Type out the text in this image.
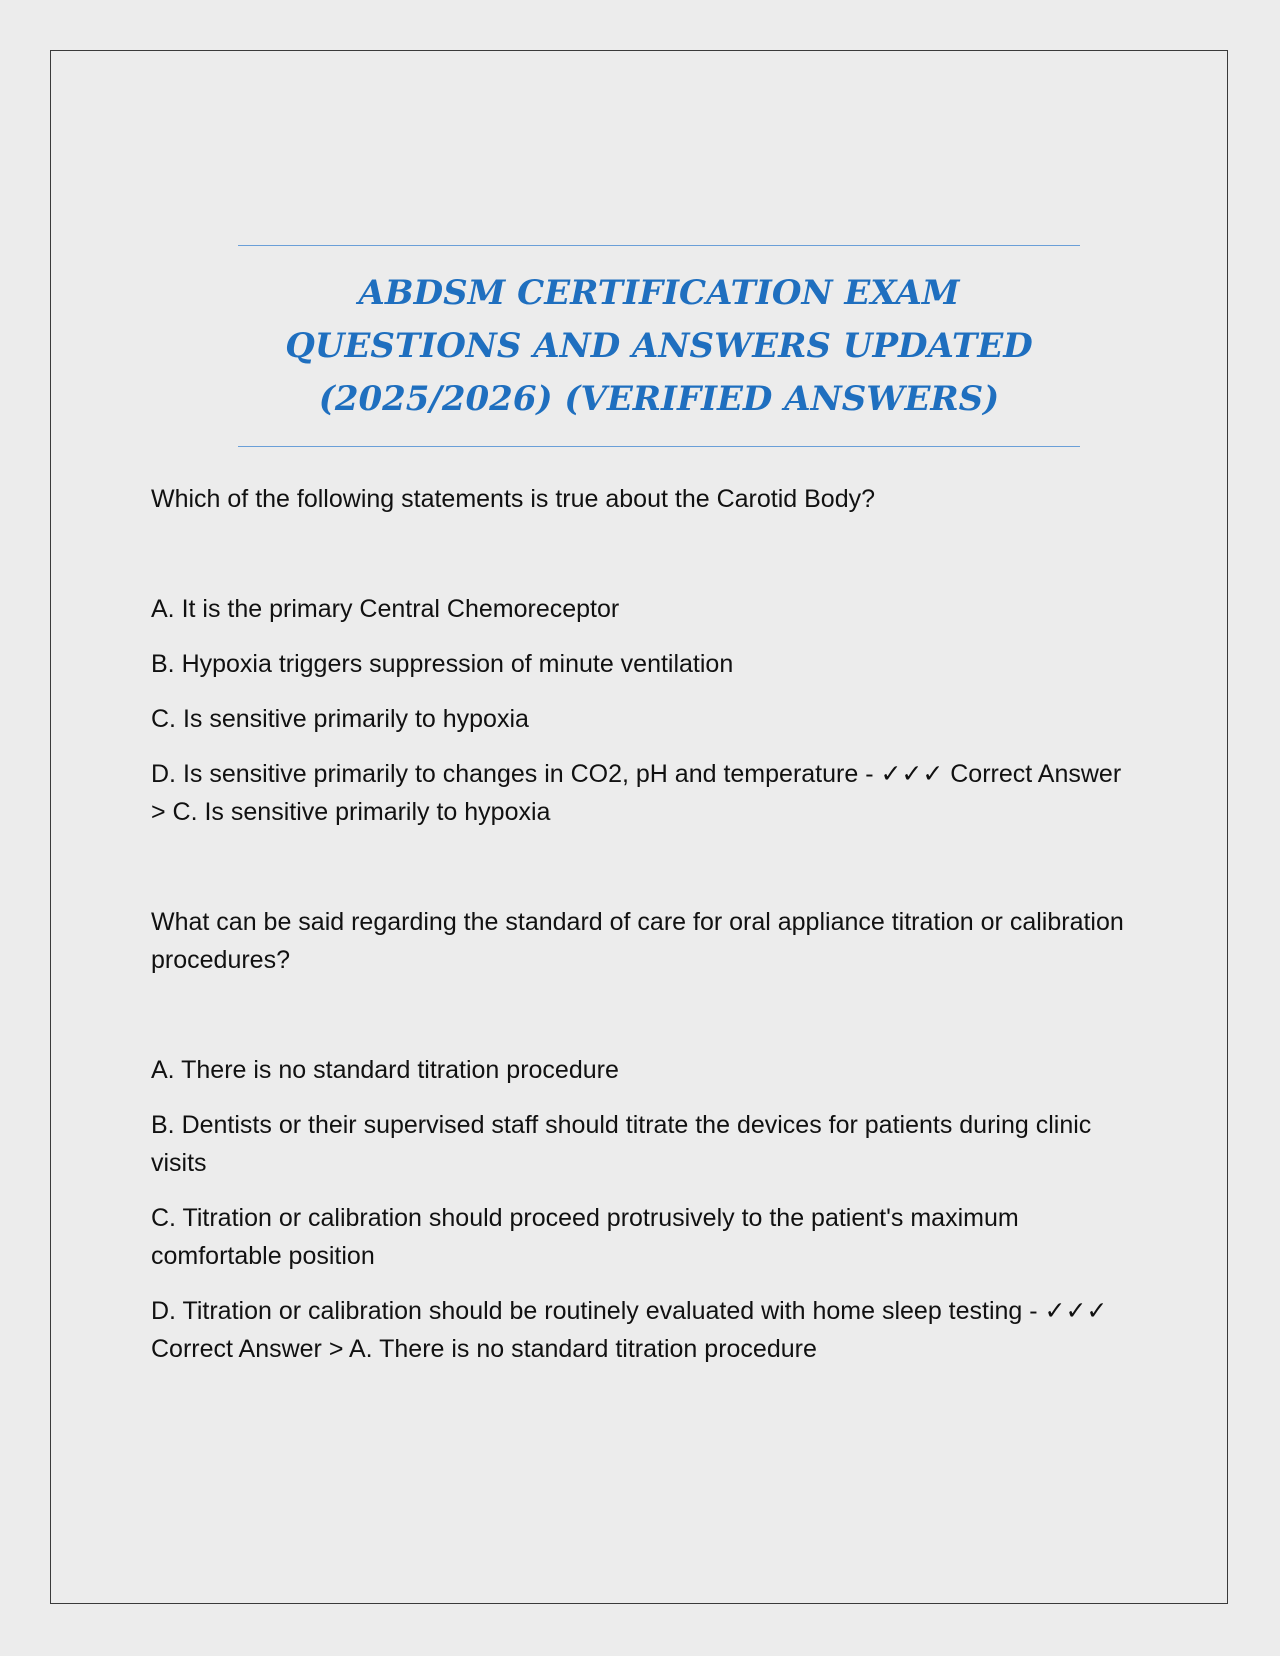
ABDSM CERTIFICATION EXAM QUESTIONS AND ANSWERS UPDATED (2025/2026) (VERIFIED ANSWERS)

Which of the following statements is true about the Carotid Body?

A. It is the primary Central Chemoreceptor

B. Hypoxia triggers suppression of minute ventilation

C. Is sensitive primarily to hypoxia

D. Is sensitive primarily to changes in CO2, pH and temperature - ✓✓✓ Correct Answer > C. Is sensitive primarily to hypoxia

What can be said regarding the standard of care for oral appliance titration or calibration procedures?

A. There is no standard titration procedure

B. Dentists or their supervised staff should titrate the devices for patients during clinic visits

C. Titration or calibration should proceed protrusively to the patient's maximum comfortable position

D. Titration or calibration should be routinely evaluated with home sleep testing - ✓✓✓ Correct Answer > A. There is no standard titration procedure
